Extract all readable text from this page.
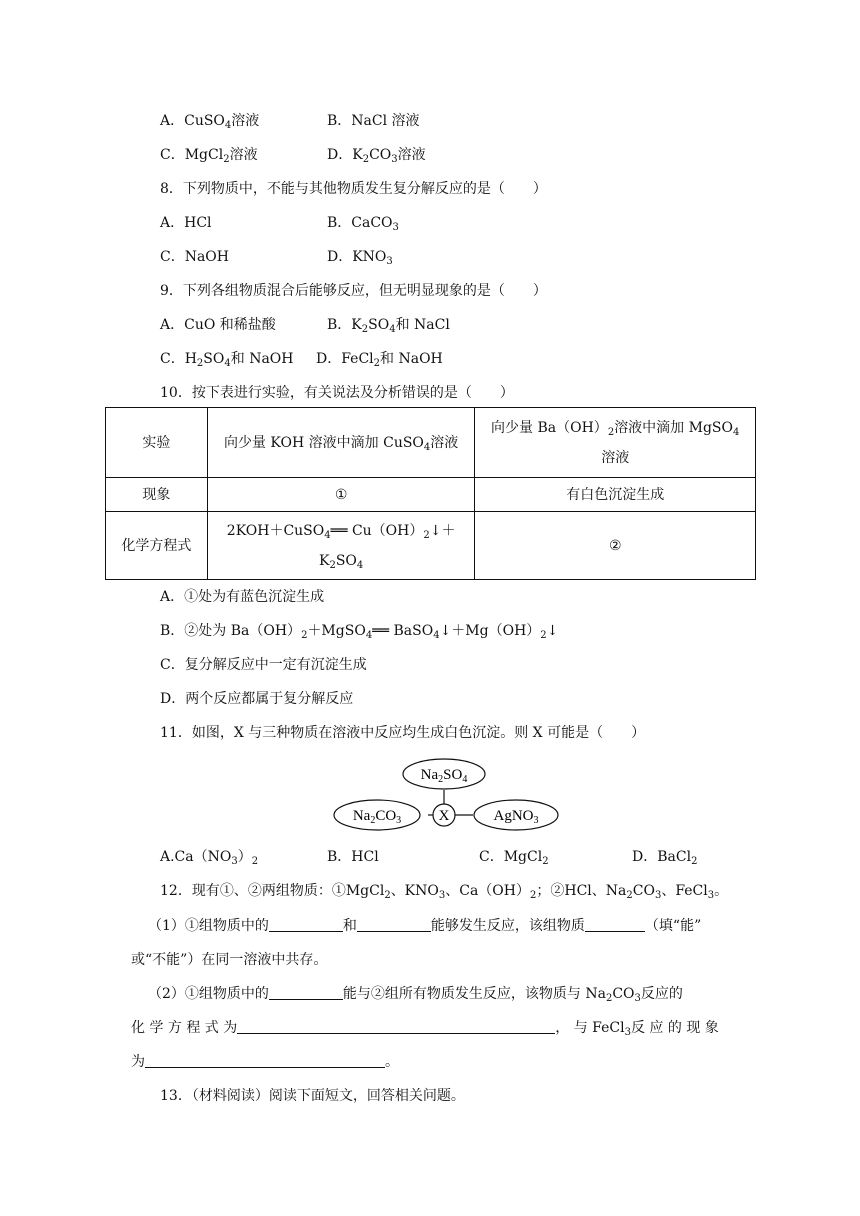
A．CuSO$_4$溶液	B．NaCl 溶液
C．MgCl$_2$溶液	D．$K_2CO_3$溶液
8．下列物质中，不能与其他物质发生复分解反应的是（　　）
A．HCl	B．CaCO$_3$
C．NaOH	D．$KNO_3$
9．下列各组物质混合后能够反应，但无明显现象的是（　　）
A．CuO 和稀盐酸	B．$K_2SO_4$和 NaCl
C．$H_2SO_4$和 NaOH D．FeCl$_2$和 NaOH
10．按下表进行实验，有关说法及分析错误的是（　　）
实验	向少量 KOH 溶液中滴加 CuSO$_4$溶液	向少量 $Ba(OH)_2$溶液中滴加 MgSO$_4$
溶液
现象	①	有白色沉淀生成
化学方程式	2KOH＋CuSO$_4$══ $Cu(OH)_2↓+$
$K_2SO_4$	②
A．①处为有蓝色沉淀生成
B．②处为 $Ba(OH)_2+MgSO_4══$ $BaSO_4↓+Mg(OH)_2↓$
C．复分解反应中一定有沉淀生成
D．两个反应都属于复分解反应
11．如图，X 与三种物质在溶液中反应均生成白色沉淀。则 X 可能是（　　）
$Na_2SO_4$
$Na_2CO_3$	AgNO$_3$
X
$A.Ca(NO_3)_2$	B．HCl	C．MgCl$_2$	D．BaCl$_2$
12．现有①、②两组物质：①MgCl$_2$、$KNO_3$、$Ca(OH)_2$；②HCl、$Na_2CO_3$、FeCl$_3$。
（1）①组物质中的	和	能够发生反应，该组物质	（填“能”
或“不能”）在同一溶液中共存。
（2）①组物质中的	能与②组所有物质发生反应，该物质与 $Na_2CO_3$反应的
化 学 方 程 式 为	， 与 FeCl$_3$反 应 的 现 象
为	。
13．（材料阅读）阅读下面短文，回答相关问题。
